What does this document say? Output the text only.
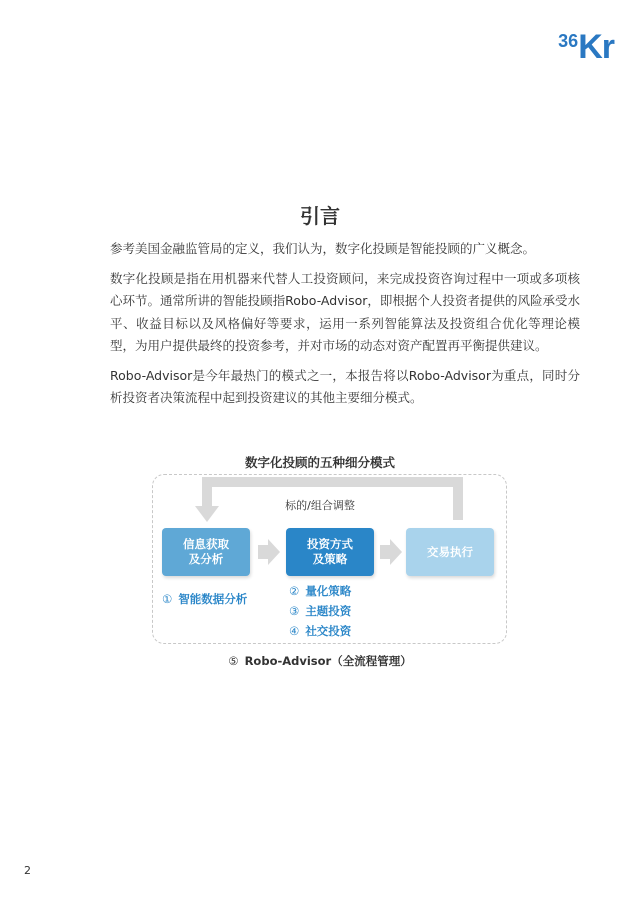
36Kr
引言

参考美国金融监管局的定义，我们认为，数字化投顾是智能投顾的广义概念。

数字化投顾是指在用机器来代替人工投资顾问，来完成投资咨询过程中一项或多项核心环节。通常所讲的智能投顾指Robo-Advisor，即根据个人投资者提供的风险承受水平、收益目标以及风格偏好等要求，运用一系列智能算法及投资组合优化等理论模型，为用户提供最终的投资参考，并对市场的动态对资产配置再平衡提供建议。

Robo-Advisor是今年最热门的模式之一，本报告将以Robo-Advisor为重点，同时分析投资者决策流程中起到投资建议的其他主要细分模式。

数字化投顾的五种细分模式
标的/组合调整
信息获取
及分析
投资方式
及策略
交易执行
① 智能数据分析
② 量化策略
③ 主题投资
④ 社交投资
⑤ Robo-Advisor（全流程管理）
2
